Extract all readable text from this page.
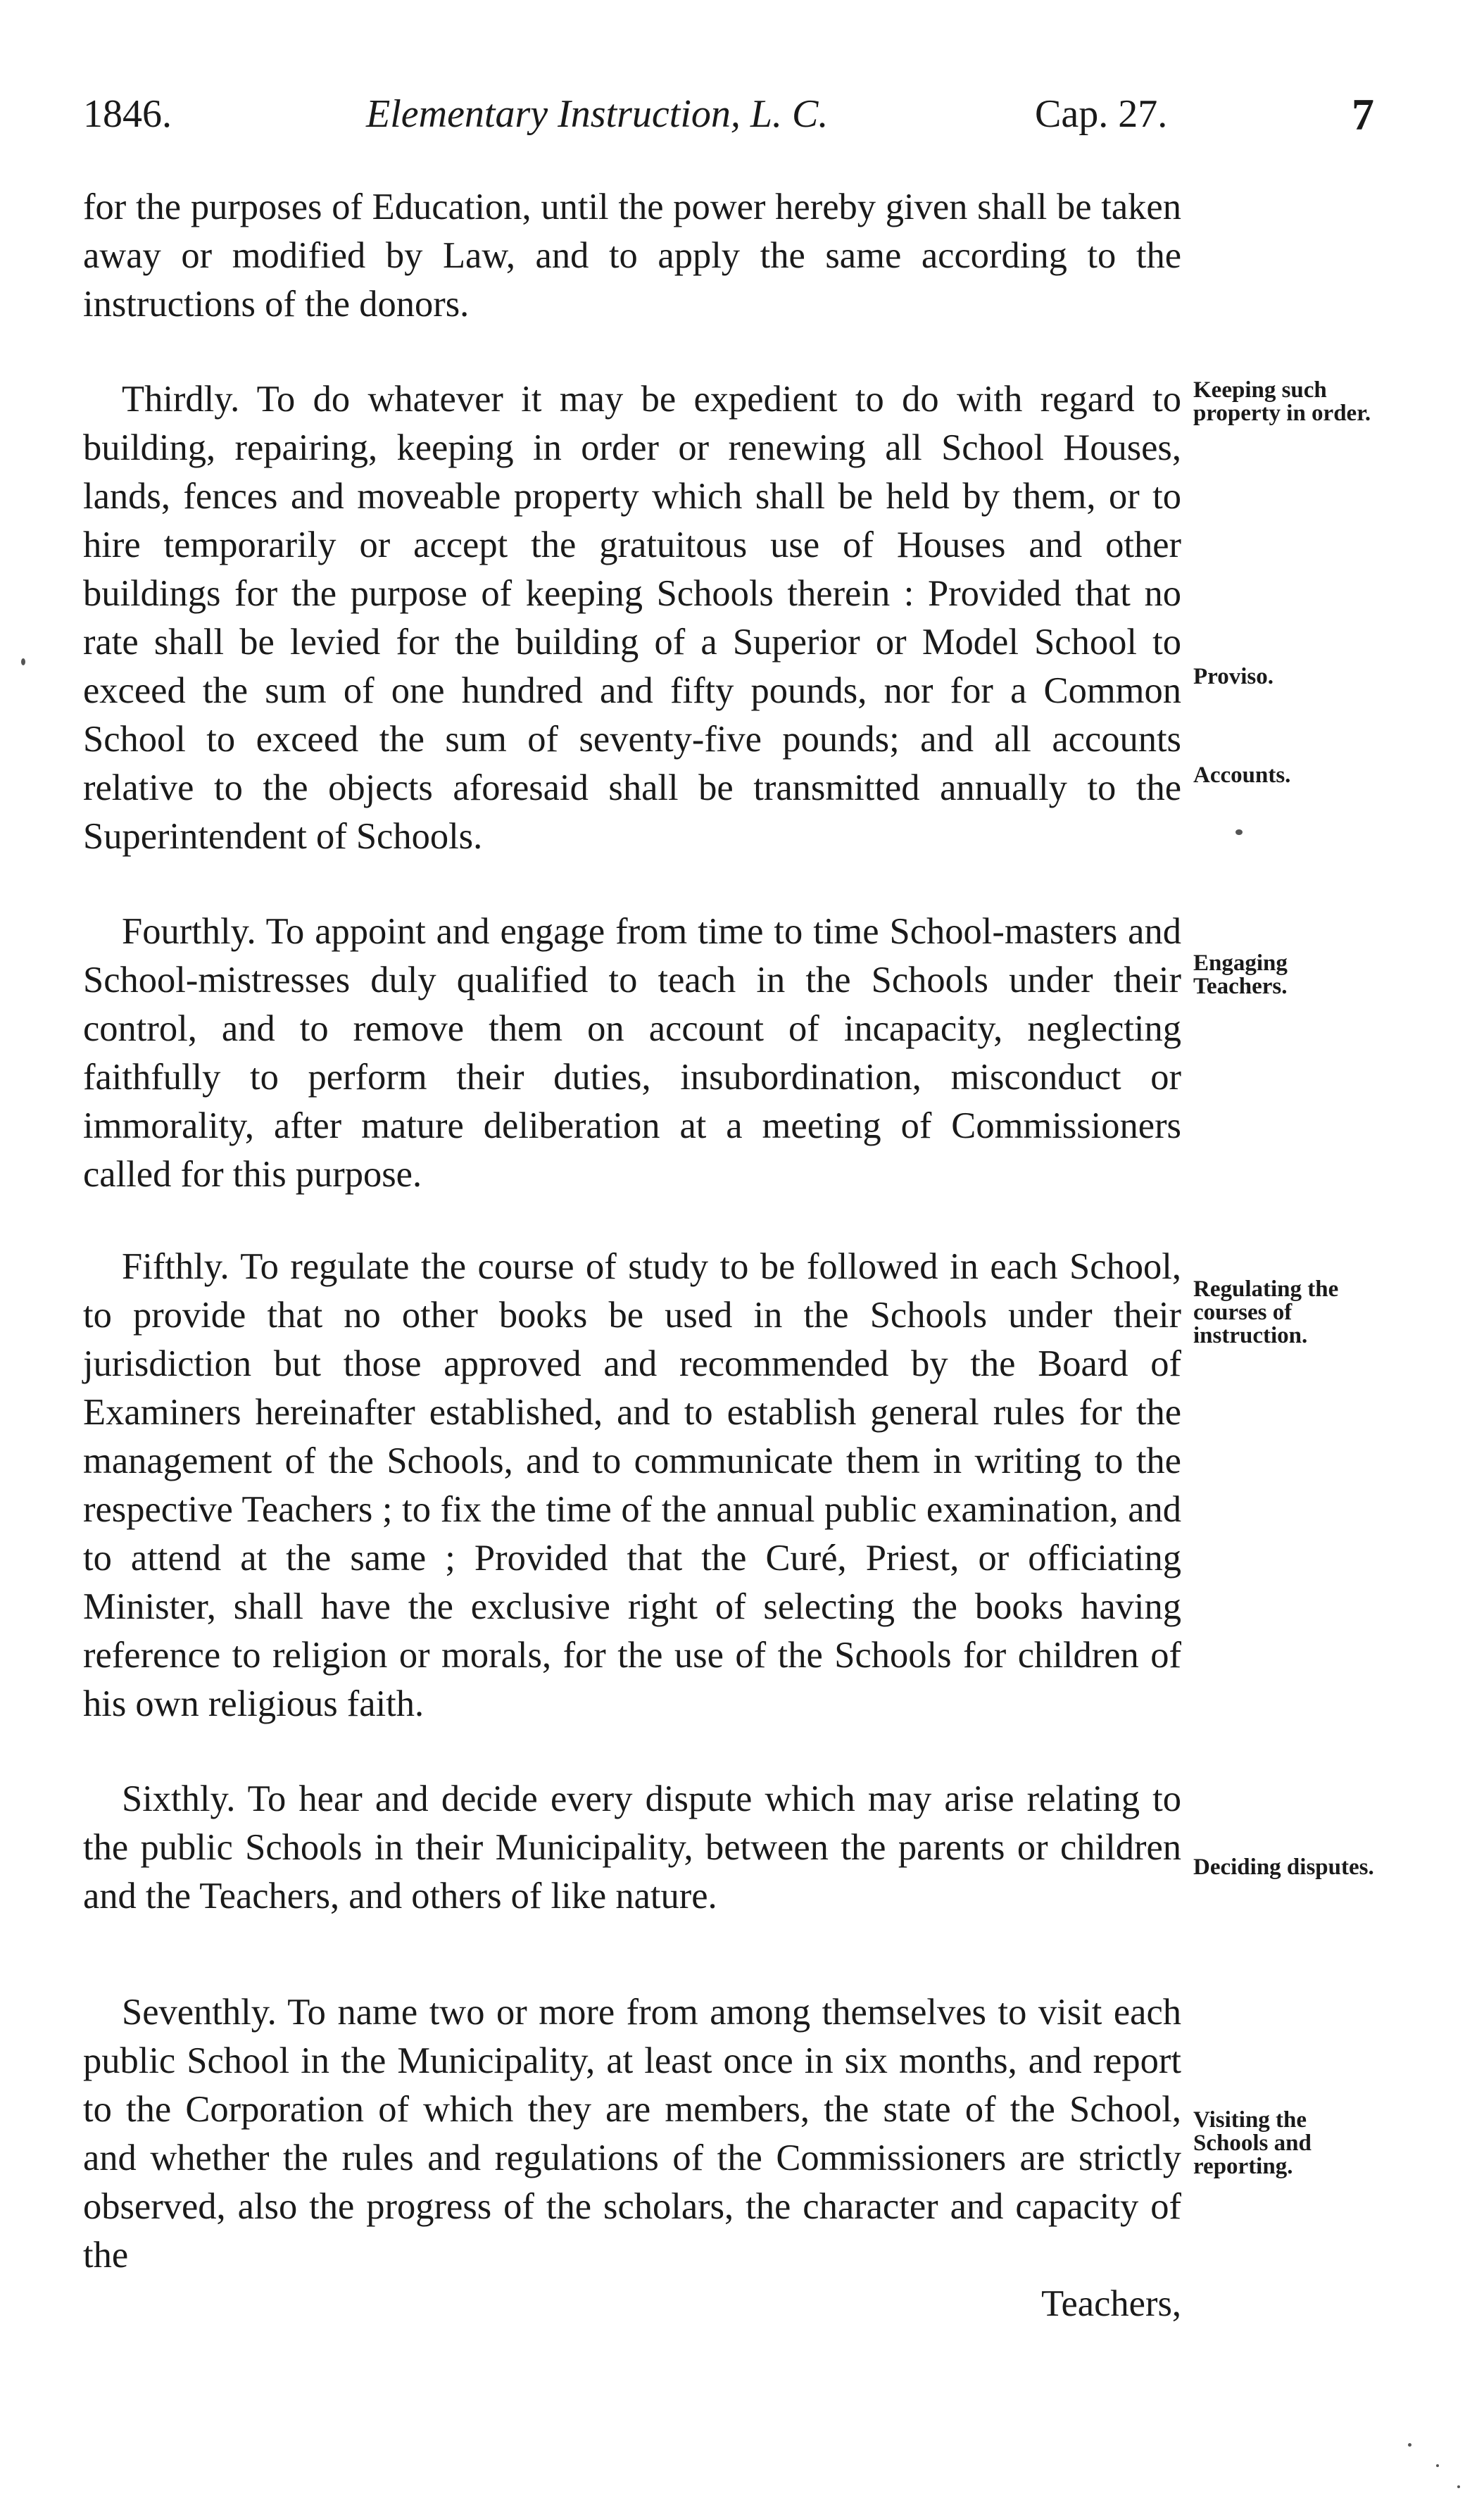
1846.	Elementary Instruction, L. C.	Cap. 27.	7

for the purposes of Education, until the power hereby given shall be taken away or modified by Law, and to apply the same according to the instructions of the donors.

Thirdly. To do whatever it may be expedient to do with regard to building, repairing, keeping in order or renewing all School Houses, lands, fences and moveable property which shall be held by them, or to hire temporarily or accept the gratuitous use of Houses and other buildings for the purpose of keeping Schools therein : Provided that no rate shall be levied for the building of a Superior or Model School to exceed the sum of one hundred and fifty pounds, nor for a Common School to exceed the sum of seventy-five pounds; and all accounts relative to the objects aforesaid shall be transmitted annually to the Superintendent of Schools.

Fourthly. To appoint and engage from time to time School-masters and School-mistresses duly qualified to teach in the Schools under their control, and to remove them on account of incapacity, neglecting faithfully to perform their duties, insubordination, misconduct or immorality, after mature deliberation at a meeting of Commissioners called for this purpose.

Fifthly. To regulate the course of study to be followed in each School, to provide that no other books be used in the Schools under their jurisdiction but those approved and recommended by the Board of Examiners hereinafter established, and to establish general rules for the management of the Schools, and to communicate them in writing to the respective Teachers ; to fix the time of the annual public examination, and to attend at the same ; Provided that the Curé, Priest, or officiating Minister, shall have the exclusive right of selecting the books having reference to religion or morals, for the use of the Schools for children of his own religious faith.

Sixthly. To hear and decide every dispute which may arise relating to the public Schools in their Municipality, between the parents or children and the Teachers, and others of like nature.

Seventhly. To name two or more from among themselves to visit each public School in the Municipality, at least once in six months, and report to the Corporation of which they are members, the state of the School, and whether the rules and regulations of the Commissioners are strictly observed, also the progress of the scholars, the character and capacity of the

Teachers,

Keeping such property in order.
Proviso.
Accounts.
Engaging Teachers.
Regulating the courses of instruction.
Deciding disputes.
Visiting the Schools and reporting.
